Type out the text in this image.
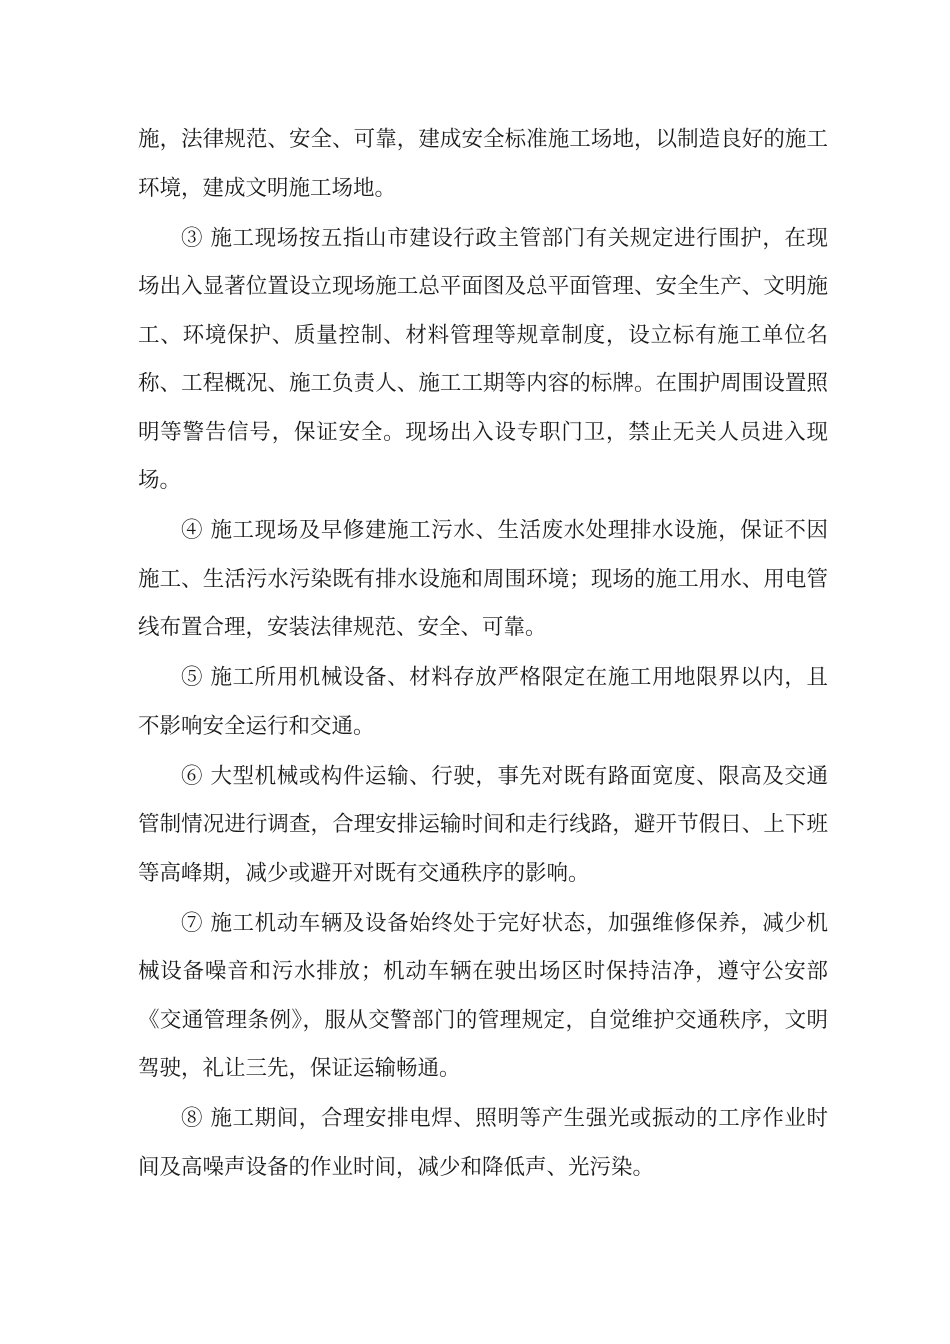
施，法律规范、安全、可靠，建成安全标准施工场地，以制造良好的施工环境，建成文明施工场地。

③ 施工现场按五指山市建设行政主管部门有关规定进行围护，在现场出入显著位置设立现场施工总平面图及总平面管理、安全生产、文明施工、环境保护、质量控制、材料管理等规章制度，设立标有施工单位名称、工程概况、施工负责人、施工工期等内容的标牌。在围护周围设置照明等警告信号，保证安全。现场出入设专职门卫，禁止无关人员进入现场。

④ 施工现场及早修建施工污水、生活废水处理排水设施，保证不因施工、生活污水污染既有排水设施和周围环境；现场的施工用水、用电管线布置合理，安装法律规范、安全、可靠。

⑤ 施工所用机械设备、材料存放严格限定在施工用地限界以内，且不影响安全运行和交通。

⑥ 大型机械或构件运输、行驶，事先对既有路面宽度、限高及交通管制情况进行调查，合理安排运输时间和走行线路，避开节假日、上下班等高峰期，减少或避开对既有交通秩序的影响。

⑦ 施工机动车辆及设备始终处于完好状态，加强维修保养，减少机械设备噪音和污水排放；机动车辆在驶出场区时保持洁净，遵守公安部《交通管理条例》，服从交警部门的管理规定，自觉维护交通秩序，文明驾驶，礼让三先，保证运输畅通。

⑧ 施工期间，合理安排电焊、照明等产生强光或振动的工序作业时间及高噪声设备的作业时间，减少和降低声、光污染。
